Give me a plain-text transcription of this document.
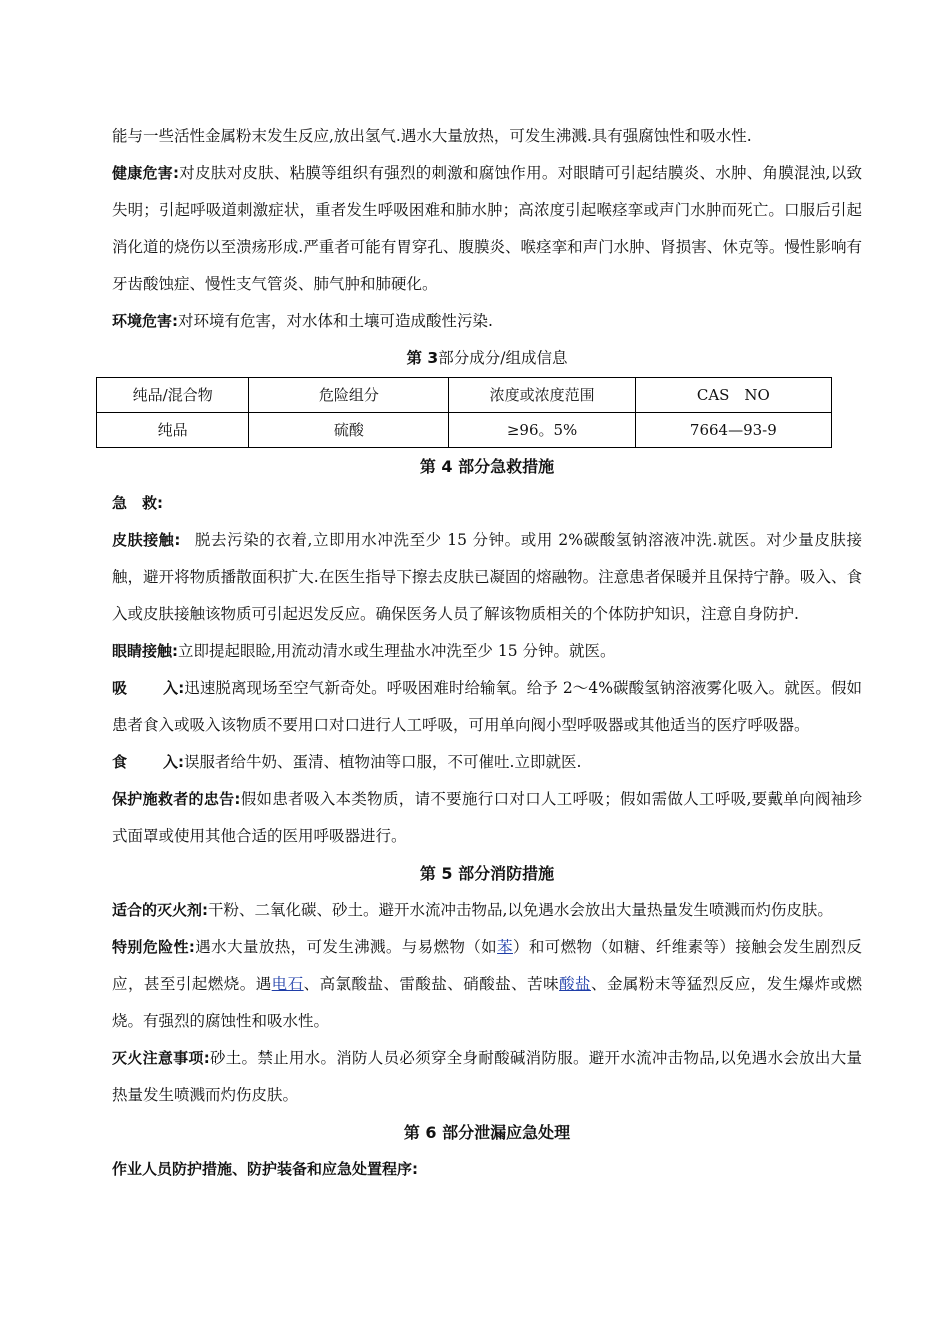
能与一些活性金属粉末发生反应,放出氢气.遇水大量放热，可发生沸溅.具有强腐蚀性和吸水性.

健康危害:对皮肤对皮肤、粘膜等组织有强烈的刺激和腐蚀作用。对眼睛可引起结膜炎、水肿、角膜混浊,以致失明；引起呼吸道刺激症状，重者发生呼吸困难和肺水肿；高浓度引起喉痉挛或声门水肿而死亡。口服后引起消化道的烧伤以至溃疡形成.严重者可能有胃穿孔、腹膜炎、喉痉挛和声门水肿、肾损害、休克等。慢性影响有牙齿酸蚀症、慢性支气管炎、肺气肿和肺硬化。

环境危害:对环境有危害，对水体和土壤可造成酸性污染.

第 3部分成分/组成信息
纯品/混合物	危险组分	浓度或浓度范围	CAS　NO
纯品	硫酸	≥96。5%	7664—93-9
第 4 部分急救措施

急　救:

皮肤接触: 脱去污染的衣着,立即用水冲洗至少 15 分钟。或用 2%碳酸氢钠溶液冲洗.就医。对少量皮肤接触，避开将物质播散面积扩大.在医生指导下擦去皮肤已凝固的熔融物。注意患者保暖并且保持宁静。吸入、食入或皮肤接触该物质可引起迟发反应。确保医务人员了解该物质相关的个体防护知识，注意自身防护.

眼睛接触:立即提起眼睑,用流动清水或生理盐水冲洗至少 15 分钟。就医。

吸 入:迅速脱离现场至空气新奇处。呼吸困难时给输氧。给予 2～4%碳酸氢钠溶液雾化吸入。就医。假如患者食入或吸入该物质不要用口对口进行人工呼吸，可用单向阀小型呼吸器或其他适当的医疗呼吸器。

食 入:误服者给牛奶、蛋清、植物油等口服，不可催吐.立即就医.

保护施救者的忠告:假如患者吸入本类物质，请不要施行口对口人工呼吸；假如需做人工呼吸,要戴单向阀袖珍式面罩或使用其他合适的医用呼吸器进行。

第 5 部分消防措施

适合的灭火剂:干粉、二氧化碳、砂土。避开水流冲击物品,以免遇水会放出大量热量发生喷溅而灼伤皮肤。

特别危险性:遇水大量放热，可发生沸溅。与易燃物（如苯）和可燃物（如糖、纤维素等）接触会发生剧烈反应，甚至引起燃烧。遇电石、高氯酸盐、雷酸盐、硝酸盐、苦味酸盐、金属粉末等猛烈反应，发生爆炸或燃烧。有强烈的腐蚀性和吸水性。

灭火注意事项:砂土。禁止用水。消防人员必须穿全身耐酸碱消防服。避开水流冲击物品,以免遇水会放出大量热量发生喷溅而灼伤皮肤。

第 6 部分泄漏应急处理

作业人员防护措施、防护装备和应急处置程序:
